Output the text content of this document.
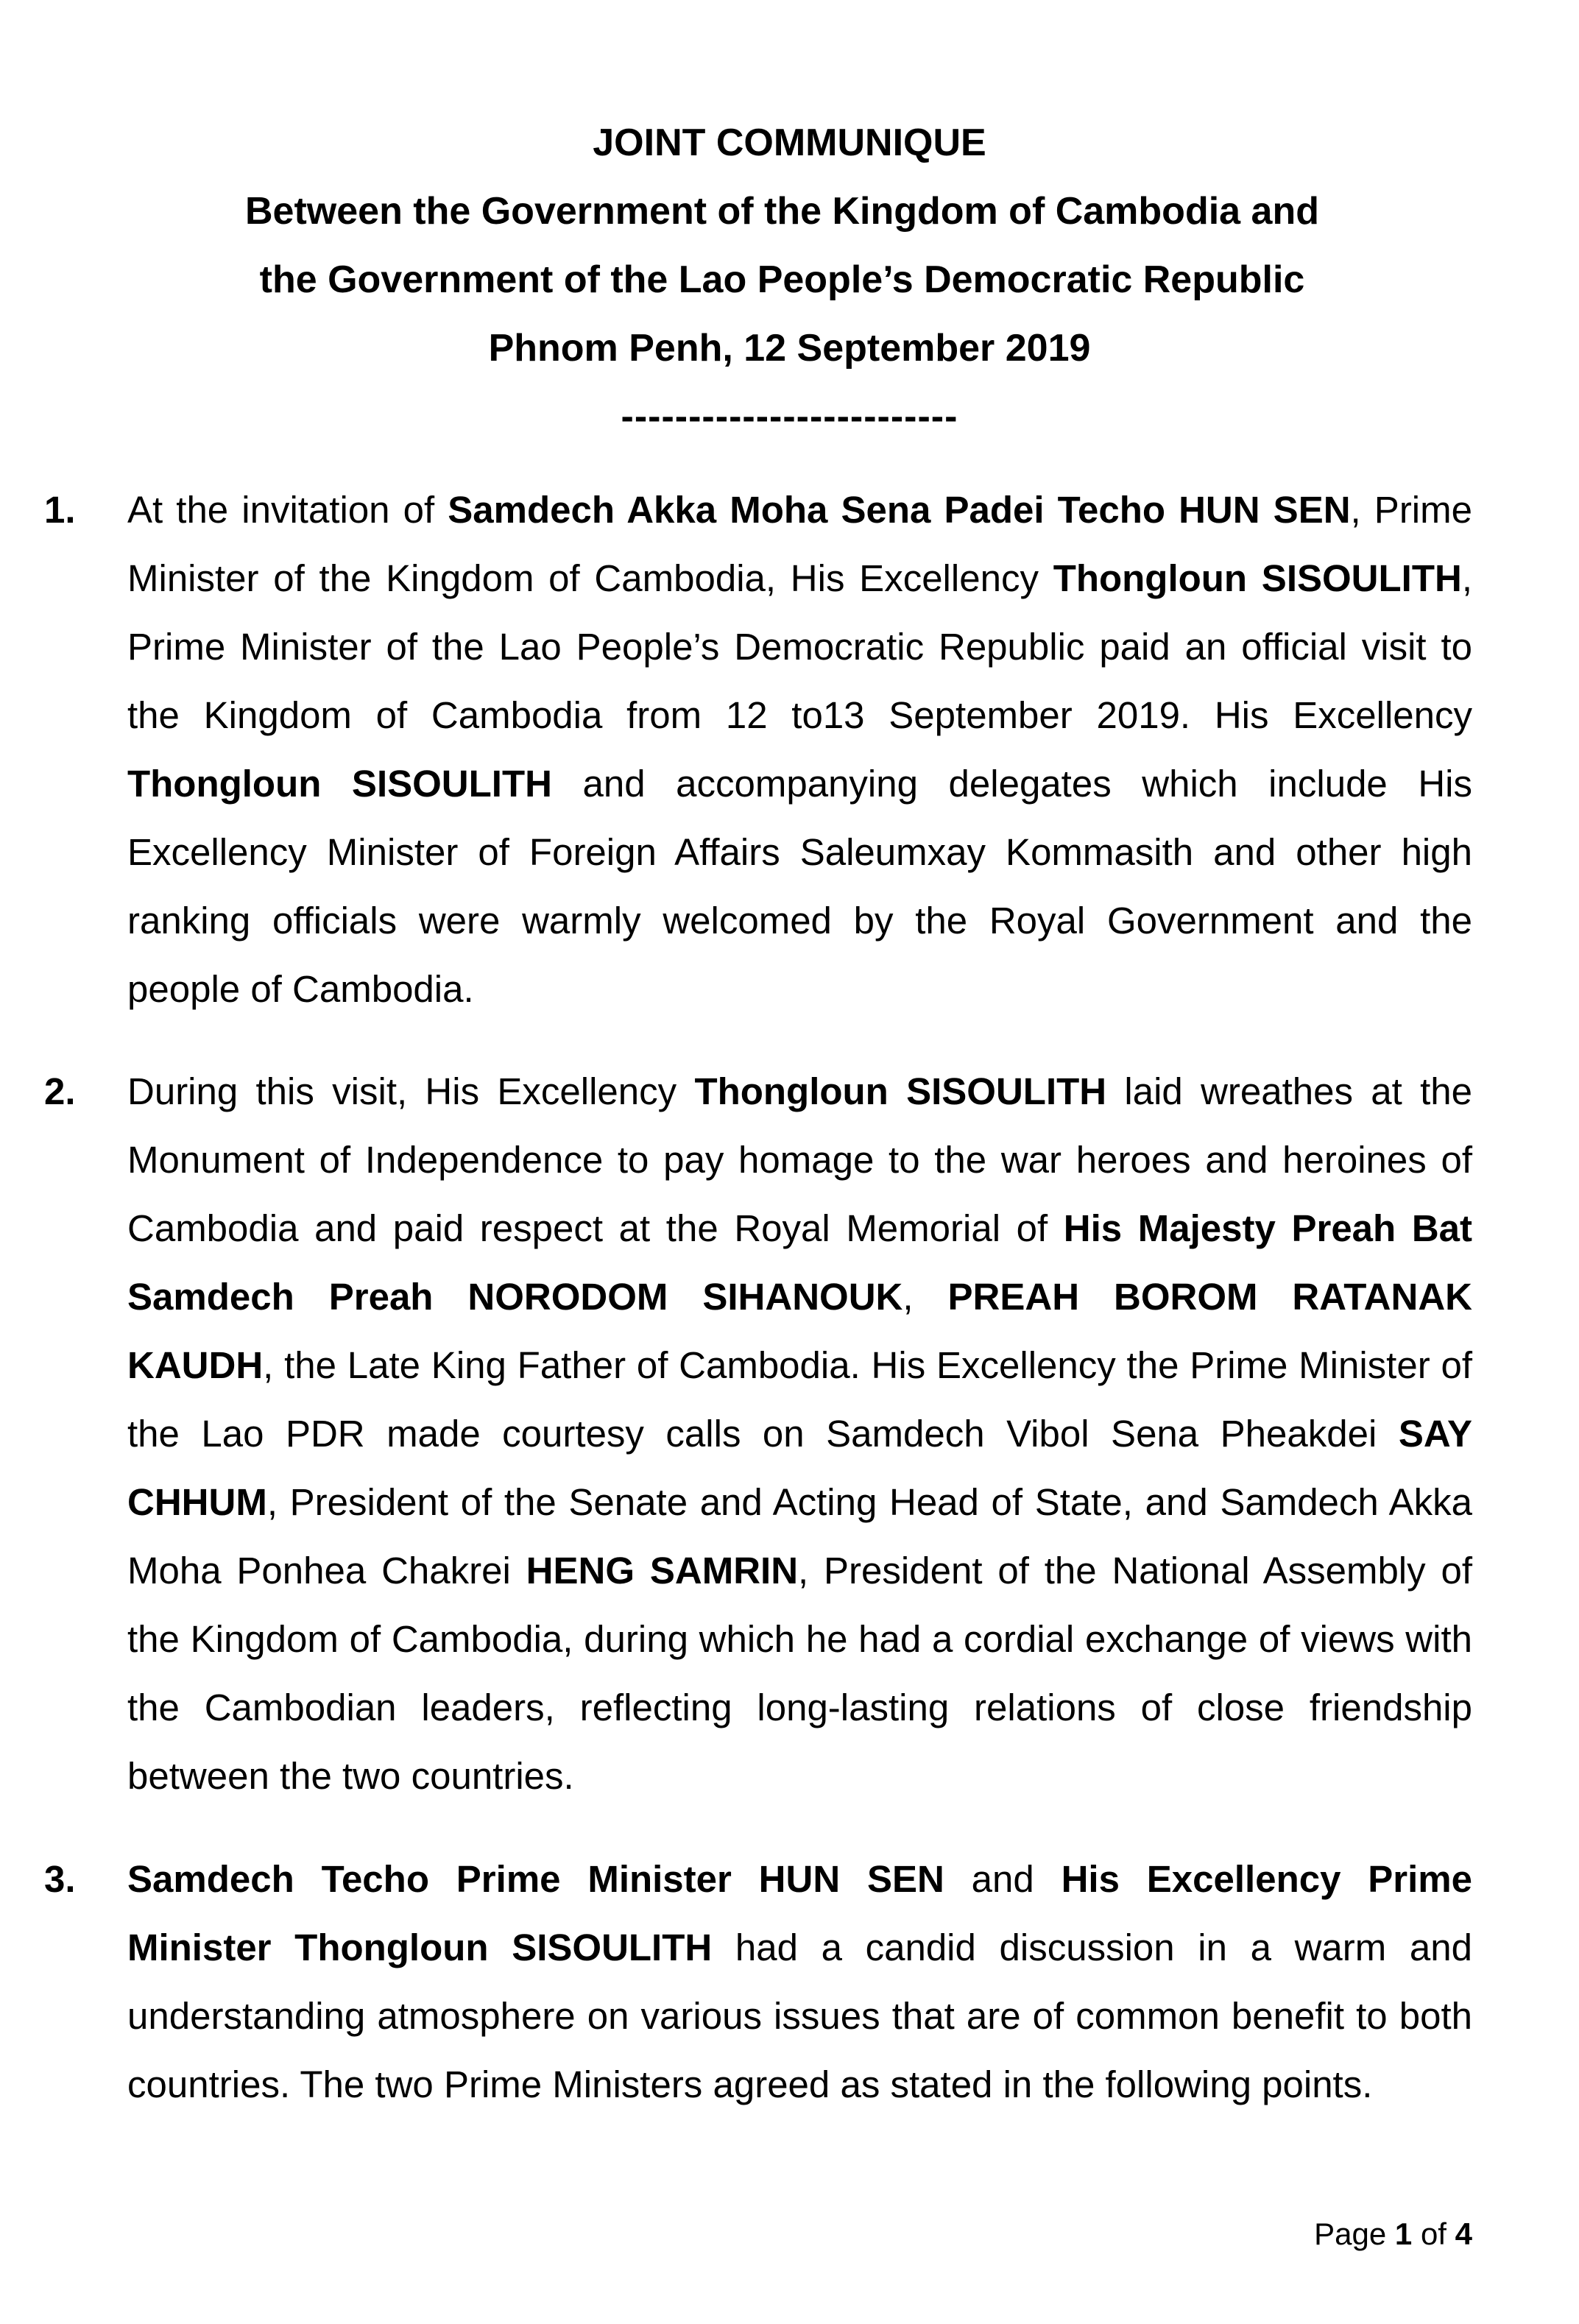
JOINT COMMUNIQUE
Between the Government of the Kingdom of Cambodia and
the Government of the Lao People’s Democratic Republic
Phnom Penh, 12 September 2019
-------------------------
1.	At the invitation of Samdech Akka Moha Sena Padei Techo HUN SEN, Prime Minister of the Kingdom of Cambodia, His Excellency Thongloun SISOULITH, Prime Minister of the Lao People’s Democratic Republic paid an official visit to the Kingdom of Cambodia from 12 to13 September 2019. His Excellency Thongloun SISOULITH and accompanying delegates which include His Excellency Minister of Foreign Affairs Saleumxay Kommasith and other high ranking officials were warmly welcomed by the Royal Government and the people of Cambodia.
2.	During this visit, His Excellency Thongloun SISOULITH laid wreathes at the Monument of Independence to pay homage to the war heroes and heroines of Cambodia and paid respect at the Royal Memorial of His Majesty Preah Bat Samdech Preah NORODOM SIHANOUK, PREAH BOROM RATANAK KAUDH, the Late King Father of Cambodia. His Excellency the Prime Minister of the Lao PDR made courtesy calls on Samdech Vibol Sena Pheakdei SAY CHHUM, President of the Senate and Acting Head of State, and Samdech Akka Moha Ponhea Chakrei HENG SAMRIN, President of the National Assembly of the Kingdom of Cambodia, during which he had a cordial exchange of views with the Cambodian leaders, reflecting long-lasting relations of close friendship between the two countries.
3.	Samdech Techo Prime Minister HUN SEN and His Excellency Prime Minister Thongloun SISOULITH had a candid discussion in a warm and understanding atmosphere on various issues that are of common benefit to both countries. The two Prime Ministers agreed as stated in the following points.
Page 1 of 4
